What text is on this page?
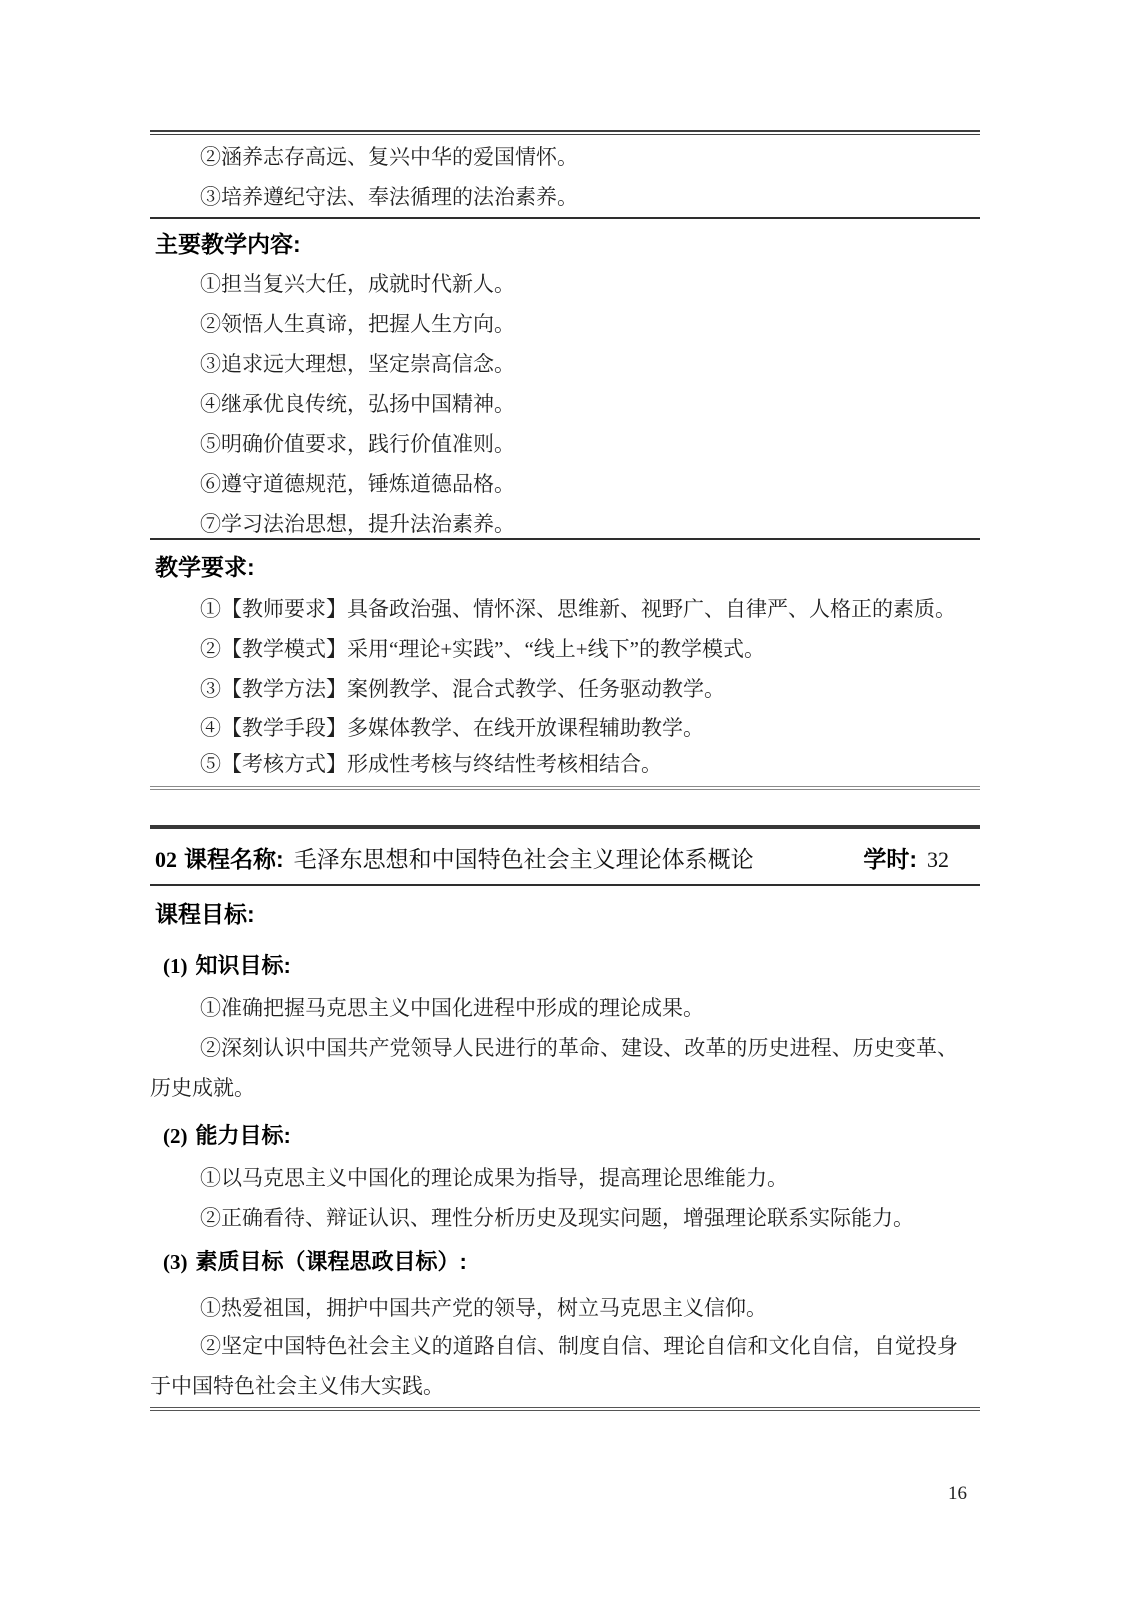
②涵养志存高远、复兴中华的爱国情怀。
③培养遵纪守法、奉法循理的法治素养。
主要教学内容:
①担当复兴大任，成就时代新人。
②领悟人生真谛，把握人生方向。
③追求远大理想，坚定崇高信念。
④继承优良传统，弘扬中国精神。
⑤明确价值要求，践行价值准则。
⑥遵守道德规范，锤炼道德品格。
⑦学习法治思想，提升法治素养。
教学要求:
①【教师要求】具备政治强、情怀深、思维新、视野广、自律严、人格正的素质。
②【教学模式】采用“理论+实践”、“线上+线下”的教学模式。
③【教学方法】案例教学、混合式教学、任务驱动教学。
④【教学手段】多媒体教学、在线开放课程辅助教学。
⑤【考核方式】形成性考核与终结性考核相结合。
02 课程名称: 毛泽东思想和中国特色社会主义理论体系概论	学时: 32
课程目标:
(1) 知识目标:
①准确把握马克思主义中国化进程中形成的理论成果。
②深刻认识中国共产党领导人民进行的革命、建设、改革的历史进程、历史变革、历史成就。
(2) 能力目标:
①以马克思主义中国化的理论成果为指导，提高理论思维能力。
②正确看待、辩证认识、理性分析历史及现实问题，增强理论联系实际能力。
(3) 素质目标（课程思政目标）:
①热爱祖国，拥护中国共产党的领导，树立马克思主义信仰。
②坚定中国特色社会主义的道路自信、制度自信、理论自信和文化自信，自觉投身于中国特色社会主义伟大实践。
16
